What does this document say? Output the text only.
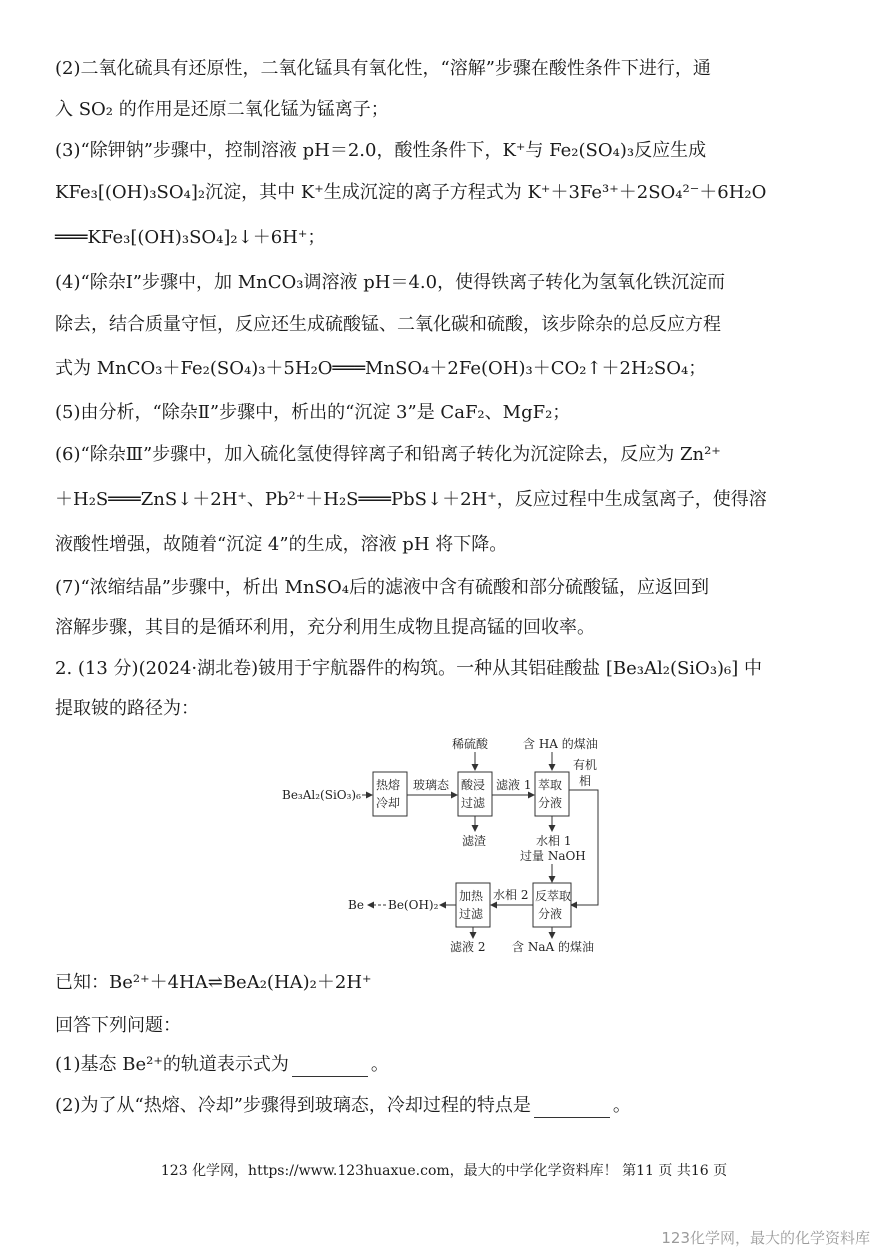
(2)二氧化硫具有还原性，二氧化锰具有氧化性，“溶解”步骤在酸性条件下进行，通
入 SO₂ 的作用是还原二氧化锰为锰离子；
(3)“除钾钠”步骤中，控制溶液 pH＝2.0，酸性条件下，K⁺与 Fe₂(SO₄)₃反应生成
KFe₃[(OH)₃SO₄]₂沉淀，其中 K⁺生成沉淀的离子方程式为 K⁺＋3Fe³⁺＋2SO₄²⁻＋6H₂O
═══KFe₃[(OH)₃SO₄]₂↓＋6H⁺；
(4)“除杂Ⅰ”步骤中，加 MnCO₃调溶液 pH＝4.0，使得铁离子转化为氢氧化铁沉淀而
除去，结合质量守恒，反应还生成硫酸锰、二氧化碳和硫酸，该步除杂的总反应方程
式为 MnCO₃＋Fe₂(SO₄)₃＋5H₂O═══MnSO₄＋2Fe(OH)₃＋CO₂↑＋2H₂SO₄；
(5)由分析，“除杂Ⅱ”步骤中，析出的“沉淀 3”是 CaF₂、MgF₂；
(6)“除杂Ⅲ”步骤中，加入硫化氢使得锌离子和铅离子转化为沉淀除去，反应为 Zn²⁺
＋H₂S═══ZnS↓＋2H⁺、Pb²⁺＋H₂S═══PbS↓＋2H⁺，反应过程中生成氢离子，使得溶
液酸性增强，故随着“沉淀 4”的生成，溶液 pH 将下降。
(7)“浓缩结晶”步骤中，析出 MnSO₄后的滤液中含有硫酸和部分硫酸锰，应返回到
溶解步骤，其目的是循环利用，充分利用生成物且提高锰的回收率。
2. (13 分)(2024·湖北卷)铍用于宇航器件的构筑。一种从其铝硅酸盐 [Be₃Al₂(SiO₃)₆] 中
提取铍的路径为：
Be₃Al₂(SiO₃)₆
热熔
冷却
玻璃态
稀硫酸
酸浸
过滤
滤渣
滤液 1
含 HA 的煤油
萃取
分液
有机
相
水相 1
过量 NaOH
反萃取
分液
含 NaA 的煤油
水相 2
加热
过滤
滤液 2
Be(OH)₂
Be
已知：Be²⁺＋4HA⇌BeA₂(HA)₂＋2H⁺
回答下列问题：
(1)基态 Be²⁺的轨道表示式为	。
(2)为了从“热熔、冷却”步骤得到玻璃态，冷却过程的特点是	。
123 化学网，https://www.123huaxue.com，最大的中学化学资料库！ 第11 页 共16 页
123化学网，最大的化学资料库
